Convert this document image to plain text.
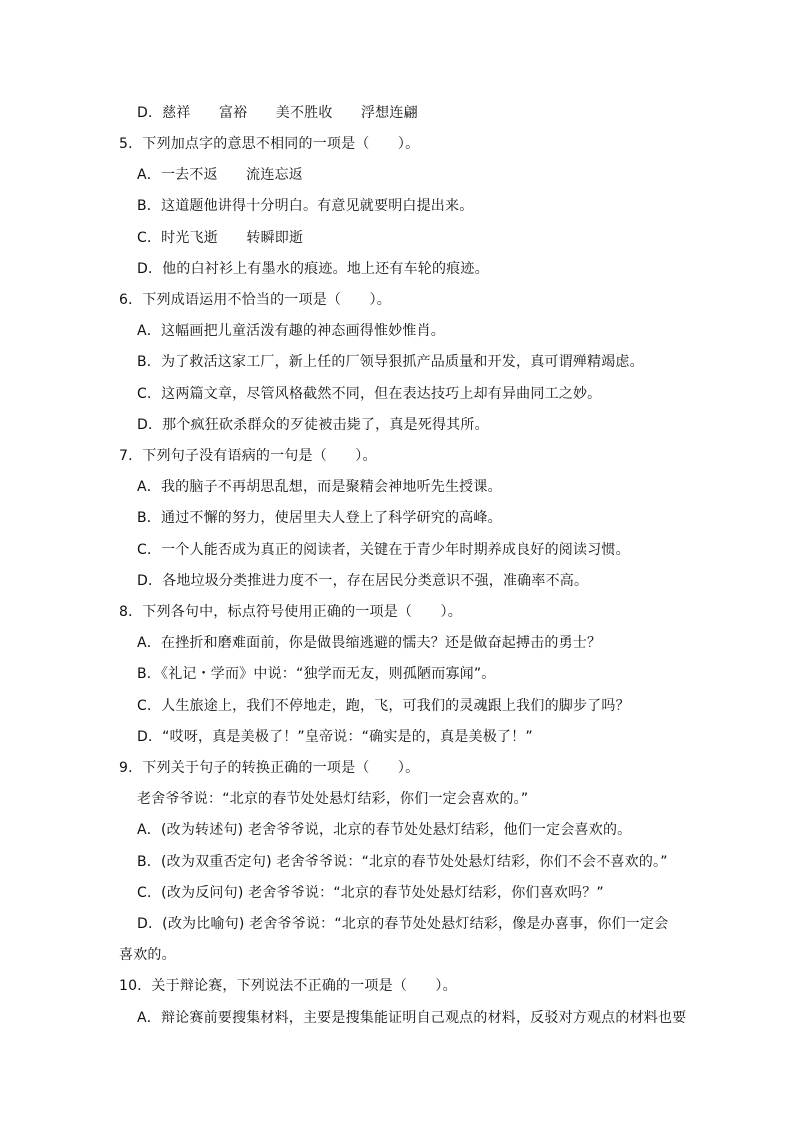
D．慈祥　　富裕　　美不胜收　　浮想连翩
5．下列加点字的意思不相同的一项是（　　）。
A．一去不返　　流连忘返
B．这道题他讲得十分明白。有意见就要明白提出来。
C．时光飞逝　　转瞬即逝
D．他的白衬衫上有墨水的痕迹。地上还有车轮的痕迹。
6．下列成语运用不恰当的一项是（　　）。
A．这幅画把儿童活泼有趣的神态画得惟妙惟肖。
B．为了救活这家工厂，新上任的厂领导狠抓产品质量和开发，真可谓殚精竭虑。
C．这两篇文章，尽管风格截然不同，但在表达技巧上却有异曲同工之妙。
D．那个疯狂砍杀群众的歹徒被击毙了，真是死得其所。
7．下列句子没有语病的一句是（　　）。
A．我的脑子不再胡思乱想，而是聚精会神地听先生授课。
B．通过不懈的努力，使居里夫人登上了科学研究的高峰。
C．一个人能否成为真正的阅读者，关键在于青少年时期养成良好的阅读习惯。
D．各地垃圾分类推进力度不一，存在居民分类意识不强，准确率不高。
8．下列各句中，标点符号使用正确的一项是（　　）。
A．在挫折和磨难面前，你是做畏缩逃避的懦夫？还是做奋起搏击的勇士？
B．《礼记・学而》中说：“独学而无友，则孤陋而寡闻”。
C．人生旅途上，我们不停地走，跑，飞，可我们的灵魂跟上我们的脚步了吗？
D．“哎呀，真是美极了！”皇帝说：“确实是的，真是美极了！”
9．下列关于句子的转换正确的一项是（　　）。
老舍爷爷说：“北京的春节处处悬灯结彩，你们一定会喜欢的。”
A．(改为转述句) 老舍爷爷说，北京的春节处处悬灯结彩，他们一定会喜欢的。
B．(改为双重否定句) 老舍爷爷说：“北京的春节处处悬灯结彩，你们不会不喜欢的。”
C．(改为反问句) 老舍爷爷说：“北京的春节处处悬灯结彩，你们喜欢吗？”
D．(改为比喻句) 老舍爷爷说：“北京的春节处处悬灯结彩，像是办喜事，你们一定会
喜欢的。
10．关于辩论赛，下列说法不正确的一项是（　　）。
A．辩论赛前要搜集材料，主要是搜集能证明自己观点的材料，反驳对方观点的材料也要
